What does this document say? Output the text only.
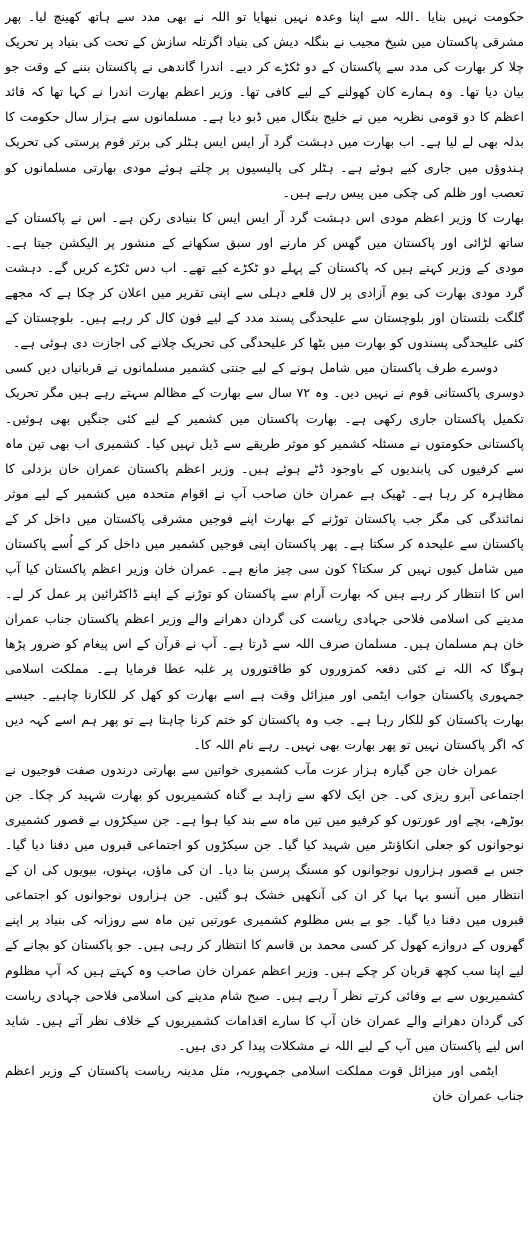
حکومت نہیں بنایا ۔اللہ سے اپنا وعدہ نہیں نبھایا تو اللہ نے بھی مدد سے ہاتھ کھینچ لیا۔ پھر مشرقی پاکستان میں شیخ مجیب نے بنگلہ دیش کی بنیاد اگرتلہ سازش کے تحت کی بنیاد پر تحریک چلا کر بھارت کی مدد سے پاکستان کے دو ٹکڑے کر دیے۔ اندرا گاندھی نے پاکستان بننے کے وقت جو بیان دیا تھا۔ وہ ہمارے کان کھولنے کے لیے کافی تھا۔ وزیر اعظم بھارت اندرا نے کہا تھا کہ قائد اعظم کا دو قومی نظریہ میں نے خلیج بنگال میں ڈبو دیا ہے۔ مسلمانوں سے ہزار سال حکومت کا بدلہ بھی لے لیا ہے۔ اب بھارت میں دہشت گرد آر ایس ایس ہٹلر کی برتر قوم پرستی کی تحریک ہندوؤں میں جاری کیے ہوئے ہے۔ ہٹلر کی پالیسیوں پر چلتے ہوئے مودی بھارتی مسلمانوں کو تعصب اور ظلم کی چکی میں پیس رہے ہیں۔

بھارت کا وزیر اعظم مودی اس دہشت گرد آر ایس ایس کا بنیادی رکن ہے۔ اس نے پاکستان کے ساتھ لڑائی اور پاکستان میں گھس کر مارنے اور سبق سکھانے کے منشور پر الیکشن جیتا ہے۔ مودی کے وزیر کہتے ہیں کہ پاکستان کے پہلے دو ٹکڑے کیے تھے۔ اب دس ٹکڑے کریں گے۔ دہشت گرد مودی بھارت کی یوم آزادی پر لال قلعے دہلی سے اپنی تقریر میں اعلان کر چکا ہے کہ مجھے گلگت بلتستان اور بلوچستان سے علیحدگی پسند مدد کے لیے فون کال کر رہے ہیں۔ بلوچستان کے کئی علیحدگی پسندوں کو بھارت میں بٹھا کر علیحدگی کی تحریک چلانے کی اجازت دی ہوئی ہے۔

دوسرے طرف پاکستان میں شامل ہونے کے لیے جنتی کشمیر مسلمانوں نے قربانیاں دیں کسی دوسری پاکستانی قوم نے نہیں دیں۔ وہ ۷۲ سال سے بھارت کے مظالم سہتے رہے ہیں مگر تحریک تکمیل پاکستان جاری رکھی ہے۔ بھارت پاکستان میں کشمیر کے لیے کئی جنگیں بھی ہوئیں۔ پاکستانی حکومتوں نے مسئلہ کشمیر کو موثر طریقے سے ڈیل نہیں کیا۔ کشمیری اب بھی تین ماہ سے کرفیوں کی پابندیوں کے باوجود ڈٹے ہوئے ہیں۔ وزیر اعظم پاکستان عمران خان بزدلی کا مظاہرہ کر رہا ہے۔ ٹھیک ہے عمران خان صاحب آپ نے اقوام متحدہ میں کشمیر کے لیے موثر نمائندگی کی مگر جب پاکستان توڑنے کے بھارت اپنے فوجیں مشرقی پاکستان میں داخل کر کے پاکستان سے علیحدہ کر سکتا ہے۔ پھر پاکستان اپنی فوجیں کشمیر میں داخل کر کے اُسے پاکستان میں شامل کیوں نہیں کر سکتا؟ کون سی چیز مانع ہے۔ عمران خان وزیر اعظم پاکستان کیا آپ اس کا انتظار کر رہے ہیں کہ بھارت آرام سے پاکستان کو توڑنے کے اپنے ڈاکٹرائین پر عمل کر لے۔ مدینے کی اسلامی فلاحی جہادی ریاست کی گردان دھرانے والے وزیر اعظم پاکستان جناب عمران خان ہم مسلمان ہیں۔ مسلمان صرف اللہ سے ڈرتا ہے۔ آپ نے قرآن کے اس پیغام کو ضرور پڑھا ہوگا کہ اللہ نے کئی دفعہ کمزوروں کو طاقتوروں پر غلبہ عطا فرمایا ہے۔ مملکت اسلامی جمہوری پاکستان جواب ایٹمی اور میزائل وقت ہے اسے بھارت کو کھل کر للکارنا چاہیے۔ جیسے بھارت پاکستان کو للکار رہا ہے۔ جب وہ پاکستان کو ختم کرنا چاہتا ہے تو پھر ہم اسے کہہ دیں کہ اگر پاکستان نہیں تو پھر بھارت بھی نہیں۔ رہے نام اللہ کا۔

عمران خان جن گیارہ ہزار عزت مآب کشمیری خواتین سے بھارتی درندوں صفت فوجیوں نے اجتماعی آبرو ریزی کی۔ جن ایک لاکھ سے زاہد بے گناہ کشمیریوں کو بھارت شہید کر چکا۔ جن بوڑھے، بچے اور عورتوں کو کرفیو میں تین ماہ سے بند کیا ہوا ہے۔ جن سیکڑوں بے قصور کشمیری نوجوانوں کو جعلی انکاؤنٹر میں شہید کیا گیا۔ جن سیکڑوں کو اجتماعی قبروں میں دفنا دیا گیا۔ جس بے قصور ہزاروں نوجوانوں کو مسنگ پرسن بنا دیا۔ ان کی ماؤں، بہنوں، بیویوں کی ان کے انتظار میں آنسو بہا بہا کر ان کی آنکھیں خشک ہو گئیں۔ جن ہزاروں نوجوانوں کو اجتماعی قبروں میں دفنا دیا گیا۔ جو بے بس مظلوم کشمیری عورتیں تین ماہ سے روزانہ کی بنیاد پر اپنے گھروں کے دروازے کھول کر کسی محمد بن قاسم کا انتظار کر رہی ہیں۔ جو پاکستان کو بچانے کے لیے اپنا سب کچھ قربان کر چکے ہیں۔ وزیر اعظم عمران خان صاحب وہ کہتے ہیں کہ آپ مظلوم کشمیریوں سے بے وفائی کرتے نظر آ رہے ہیں۔ صبح شام مدینے کی اسلامی فلاحی جہادی ریاست کی گردان دھرانے والے عمران خان آپ کا سارے اقدامات کشمیریوں کے خلاف نظر آتے ہیں۔ شاید اس لیے پاکستان میں آپ کے لیے اللہ نے مشکلات پیدا کر دی ہیں۔

ایٹمی اور میزائل قوت مملکت اسلامی جمہوریہ، مثل مدینہ ریاست پاکستان کے وزیر اعظم جناب عمران خان
